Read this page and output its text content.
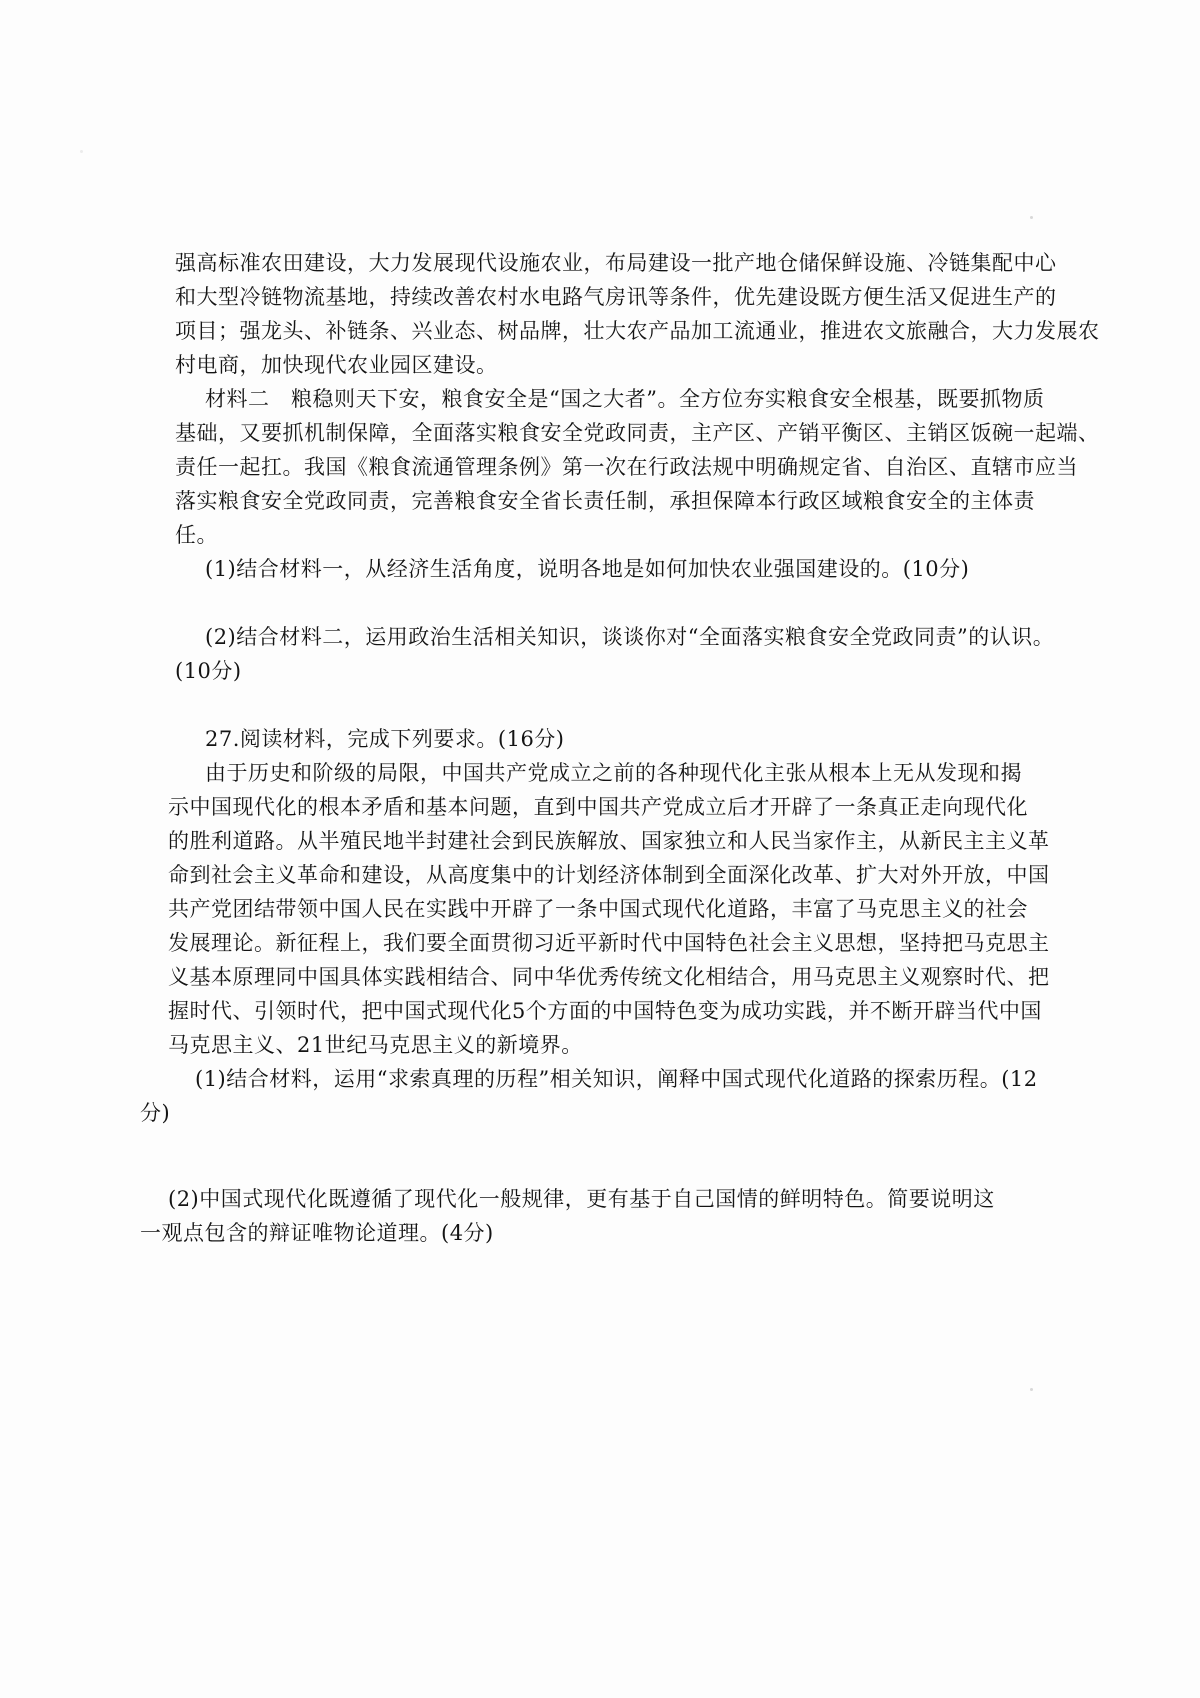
强高标准农田建设，大力发展现代设施农业，布局建设一批产地仓储保鲜设施、冷链集配中心
和大型冷链物流基地，持续改善农村水电路气房讯等条件，优先建设既方便生活又促进生产的
项目；强龙头、补链条、兴业态、树品牌，壮大农产品加工流通业，推进农文旅融合，大力发展农
村电商，加快现代农业园区建设。
材料二　粮稳则天下安，粮食安全是“国之大者”。全方位夯实粮食安全根基，既要抓物质
基础，又要抓机制保障，全面落实粮食安全党政同责，主产区、产销平衡区、主销区饭碗一起端、
责任一起扛。我国《粮食流通管理条例》第一次在行政法规中明确规定省、自治区、直辖市应当
落实粮食安全党政同责，完善粮食安全省长责任制，承担保障本行政区域粮食安全的主体责
任。
(1)结合材料一，从经济生活角度，说明各地是如何加快农业强国建设的。(10分)
(2)结合材料二，运用政治生活相关知识，谈谈你对“全面落实粮食安全党政同责”的认识。
(10分)
27.阅读材料，完成下列要求。(16分)
由于历史和阶级的局限，中国共产党成立之前的各种现代化主张从根本上无从发现和揭
示中国现代化的根本矛盾和基本问题，直到中国共产党成立后才开辟了一条真正走向现代化
的胜利道路。从半殖民地半封建社会到民族解放、国家独立和人民当家作主，从新民主主义革
命到社会主义革命和建设，从高度集中的计划经济体制到全面深化改革、扩大对外开放，中国
共产党团结带领中国人民在实践中开辟了一条中国式现代化道路，丰富了马克思主义的社会
发展理论。新征程上，我们要全面贯彻习近平新时代中国特色社会主义思想，坚持把马克思主
义基本原理同中国具体实践相结合、同中华优秀传统文化相结合，用马克思主义观察时代、把
握时代、引领时代，把中国式现代化5个方面的中国特色变为成功实践，并不断开辟当代中国
马克思主义、21世纪马克思主义的新境界。
(1)结合材料，运用“求索真理的历程”相关知识，阐释中国式现代化道路的探索历程。(12
分)
(2)中国式现代化既遵循了现代化一般规律，更有基于自己国情的鲜明特色。简要说明这
一观点包含的辩证唯物论道理。(4分)
